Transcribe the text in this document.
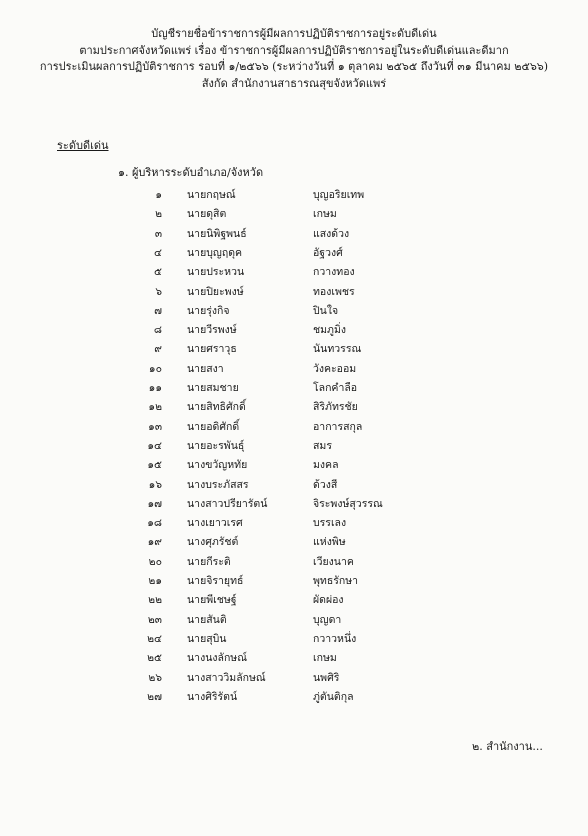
บัญชีรายชื่อข้าราชการผู้มีผลการปฏิบัติราชการอยู่ระดับดีเด่น
ตามประกาศจังหวัดแพร่ เรื่อง ข้าราชการผู้มีผลการปฏิบัติราชการอยู่ในระดับดีเด่นและดีมาก
การประเมินผลการปฏิบัติราชการ รอบที่ ๑/๒๕๖๖ (ระหว่างวันที่ ๑ ตุลาคม ๒๕๖๕ ถึงวันที่ ๓๑ มีนาคม ๒๕๖๖)
สังกัด สำนักงานสาธารณสุขจังหวัดแพร่
ระดับดีเด่น
๑. ผู้บริหารระดับอำเภอ/จังหวัด
๑ นายกฤษณ์	บุญอริยเทพ
๒ นายดุสิต	เกษม
๓ นายนิพิฐพนธ์	แสงด้วง
๔ นายบุญฤดุค	อัฐวงศ์
๕ นายประหวน	กวางทอง
๖ นายปิยะพงษ์	ทองเพชร
๗ นายรุ่งกิจ	ปินใจ
๘ นายวีรพงษ์	ชมภูมิ่ง
๙ นายศราวุธ	นันทวรรณ
๑๐ นายสงา	วังคะออม
๑๑ นายสมชาย	โลกคำลือ
๑๒ นายสิทธิศักดิ์	สิริภัทรชัย
๑๓ นายอดิศักดิ์	อาการสกุล
๑๔ นายอะรพันธุ์	สมร
๑๕ นางขวัญหทัย	มงคล
๑๖ นางบระภัสสร	ด้วงสี
๑๗ นางสาวปรียารัตน์	จิระพงษ์สุวรรณ
๑๘ นางเยาวเรศ	บรรเลง
๑๙ นางศุภรัชต์	แห่งพิษ
๒๐ นายกีระติ	เวียงนาค
๒๑ นายจิรายุทธ์	พุทธรักษา
๒๒ นายพีเชษฐ์	ผัดผ่อง
๒๓ นายสันติ	บุญดา
๒๔ นายสุบิน	กวาวหนึ่ง
๒๕ นางนงลักษณ์	เกษม
๒๖ นางสาววิมลักษณ์	นพศิริ
๒๗ นางศิริรัตน์	ภู่ตันติกุล
๒. สำนักงาน...
